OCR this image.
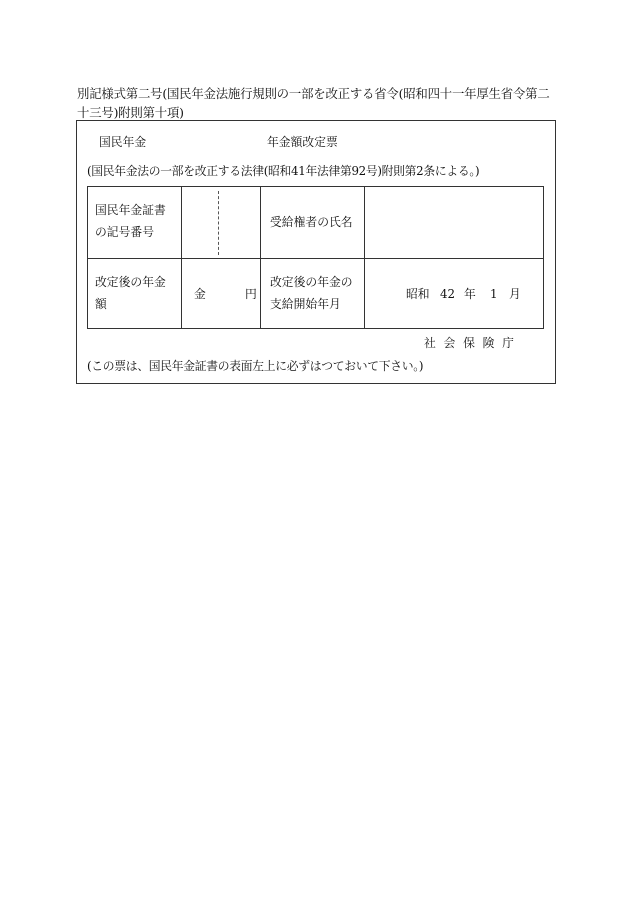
別記様式第二号(国民年金法施行規則の一部を改正する省令(昭和四十一年厚生省令第二十三号)附則第十項)
国民年金	年金額改定票
(国民年金法の一部を改正する法律(昭和41年法律第92号)附則第2条による。)
国民年金証書の記号番号
受給権者の氏名
改定後の年金額
金	円
改定後の年金の支給開始年月
昭和 42 年 1 月
社 会 保 険 庁
(この票は、国民年金証書の表面左上に必ずはつておいて下さい。)
